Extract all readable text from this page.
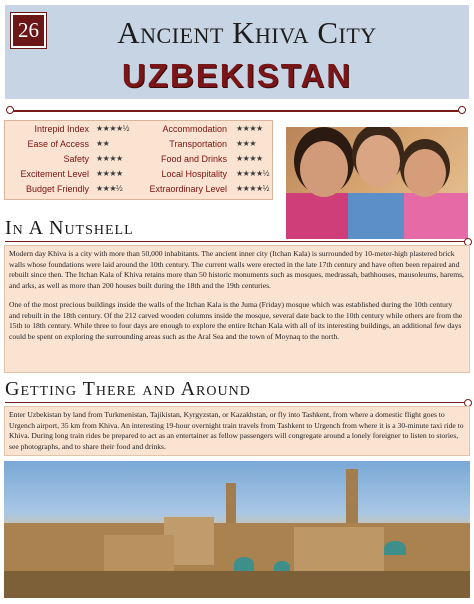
26	Ancient Khiva City
UZBEKISTAN
Intrepid Index ★★★★½	Accommodation ★★★★
Ease of Access ★★	Transportation ★★★
Safety ★★★★	Food and Drinks ★★★★
Excitement Level ★★★★	Local Hospitality ★★★★½
Budget Friendly ★★★½	Extraordinary Level ★★★★½
In A Nutshell

Modern day Khiva is a city with more than 50,000 inhabitants. The ancient inner city (Itchan Kala) is surrounded by 10-meter-high plastered brick walls whose foundations were laid around the 10th century. The current walls were erected in the late 17th century and have often been repaired and rebuilt since then. The Itchan Kala of Khiva retains more than 50 historic monuments such as mosques, medrassah, bathhouses, mausoleums, harems, and arks, as well as more than 200 houses built during the 18th and the 19th centuries.

One of the most precious buildings inside the walls of the Itchan Kala is the Juma (Friday) mosque which was established during the 10th century and rebuilt in the 18th century. Of the 212 carved wooden columns inside the mosque, several date back to the 10th century while others are from the 15th to 18th century. While three to four days are enough to explore the entire Itchan Kala with all of its interesting buildings, an additional few days could be spent on exploring the surrounding areas such as the Aral Sea and the town of Moynaq to the north.

Getting There and Around

Enter Uzbekistan by land from Turkmenistan, Tajikistan, Kyrgyzstan, or Kazakhstan, or fly into Tashkent, from where a domestic flight goes to Urgench airport, 35 km from Khiva. An interesting 19-hour overnight train travels from Tashkent to Urgench from where it is a 30-minute taxi ride to Khiva. During long train rides be prepared to act as an entertainer as fellow passengers will congregate around a lonely foreigner to listen to stories, see photographs, and to share their food and drinks.
